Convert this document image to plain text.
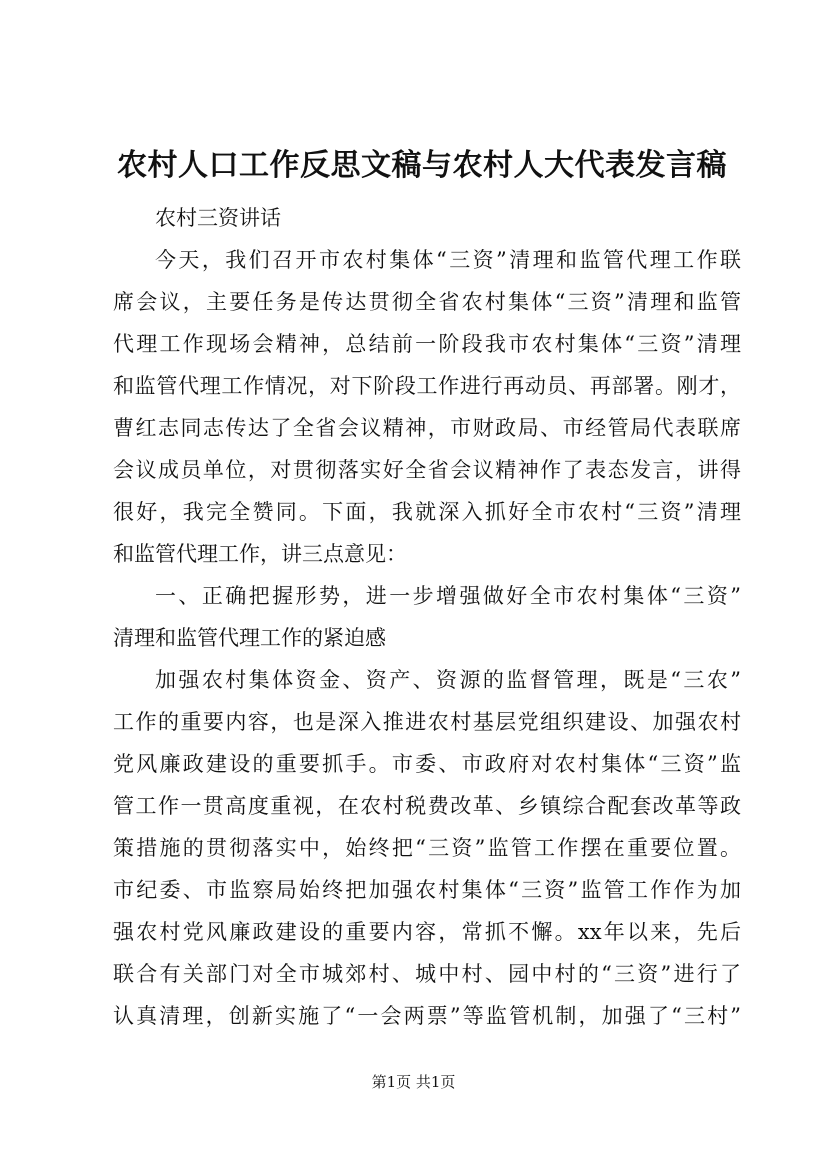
农村人口工作反思文稿与农村人大代表发言稿
农村三资讲话
今天，我们召开市农村集体“三资”清理和监管代理工作联
席会议，主要任务是传达贯彻全省农村集体“三资”清理和监管
代理工作现场会精神，总结前一阶段我市农村集体“三资”清理
和监管代理工作情况，对下阶段工作进行再动员、再部署。刚才，
曹红志同志传达了全省会议精神，市财政局、市经管局代表联席
会议成员单位，对贯彻落实好全省会议精神作了表态发言，讲得
很好，我完全赞同。下面，我就深入抓好全市农村“三资”清理
和监管代理工作，讲三点意见：
一、正确把握形势，进一步增强做好全市农村集体“三资”
清理和监管代理工作的紧迫感
加强农村集体资金、资产、资源的监督管理，既是“三农”
工作的重要内容，也是深入推进农村基层党组织建设、加强农村
党风廉政建设的重要抓手。市委、市政府对农村集体“三资”监
管工作一贯高度重视，在农村税费改革、乡镇综合配套改革等政
策措施的贯彻落实中，始终把“三资”监管工作摆在重要位置。
市纪委、市监察局始终把加强农村集体“三资”监管工作作为加
强农村党风廉政建设的重要内容，常抓不懈。xx年以来，先后
联合有关部门对全市城郊村、城中村、园中村的“三资”进行了
认真清理，创新实施了“一会两票”等监管机制，加强了“三村”
第1页 共1页
